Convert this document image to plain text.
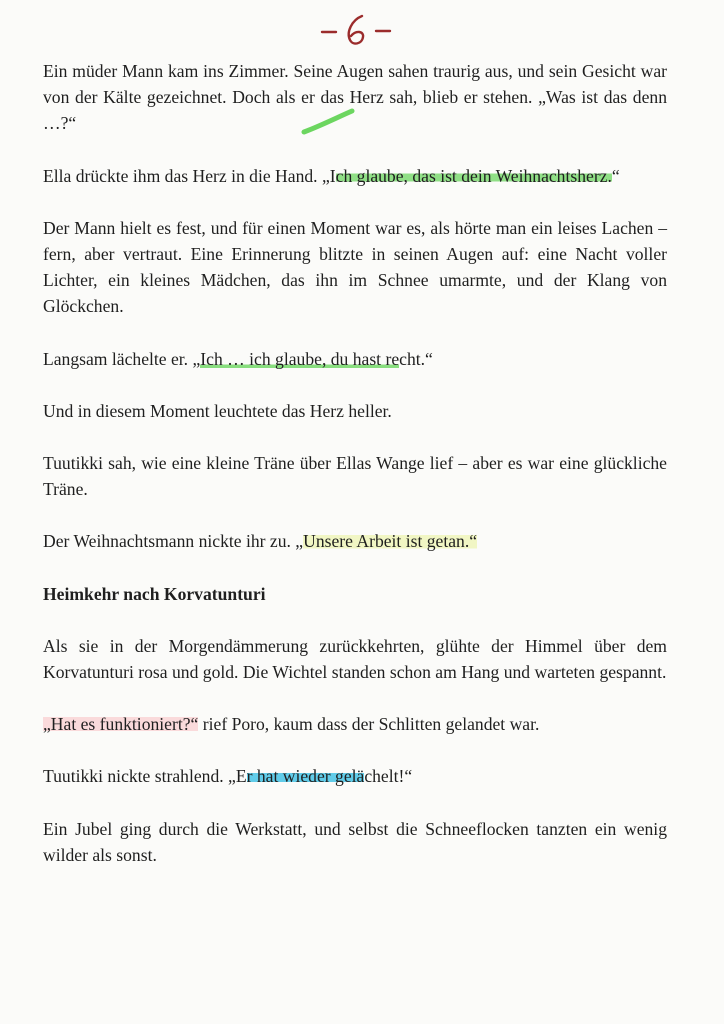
-6-

Ein müder Mann kam ins Zimmer. Seine Augen sahen traurig aus, und sein Gesicht war von der Kälte gezeichnet. Doch als er das Herz sah, blieb er stehen. „Was ist das denn …?“

Ella drückte ihm das Herz in die Hand. „Ich glaube, das ist dein Weihnachtsherz.“

Der Mann hielt es fest, und für einen Moment war es, als hörte man ein leises Lachen – fern, aber vertraut. Eine Erinnerung blitzte in seinen Augen auf: eine Nacht voller Lichter, ein kleines Mädchen, das ihn im Schnee umarmte, und der Klang von Glöckchen.

Langsam lächelte er. „Ich … ich glaube, du hast recht.“

Und in diesem Moment leuchtete das Herz heller.

Tuutikki sah, wie eine kleine Träne über Ellas Wange lief – aber es war eine glückliche Träne.

Der Weihnachtsmann nickte ihr zu. „Unsere Arbeit ist getan.“

Heimkehr nach Korvatunturi

Als sie in der Morgendämmerung zurückkehrten, glühte der Himmel über dem Korvatunturi rosa und gold. Die Wichtel standen schon am Hang und warteten gespannt.

„Hat es funktioniert?“ rief Poro, kaum dass der Schlitten gelandet war.

Tuutikki nickte strahlend. „Er hat wieder gelächelt!“

Ein Jubel ging durch die Werkstatt, und selbst die Schneeflocken tanzten ein wenig wilder als sonst.
